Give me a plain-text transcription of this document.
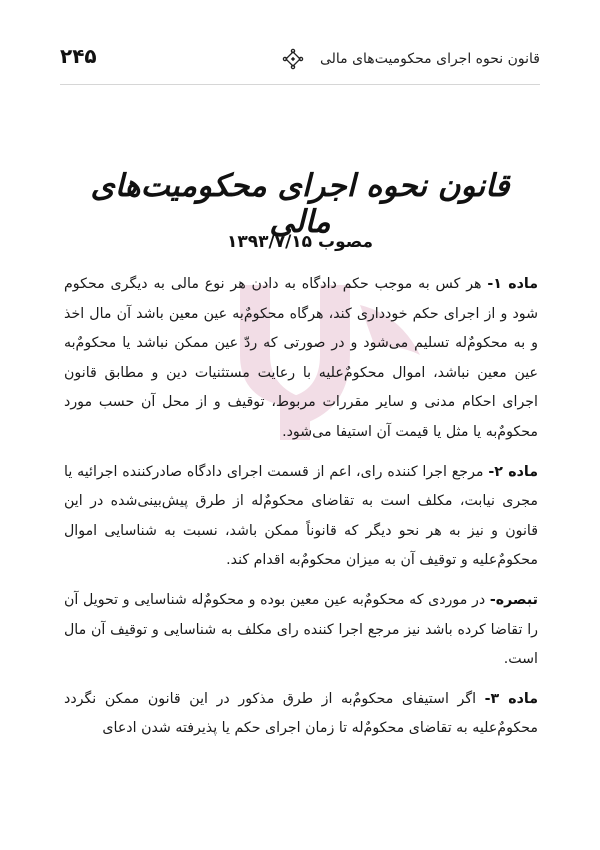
قانون نحوه اجرای محکومیت‌های مالی
۲۴۵
قانون نحوه اجرای محکومیت‌های مالی
مصوب ۱۳۹۳/۷/۱۵

ماده ۱- هر کس به موجب حکم دادگاه به دادن هر نوع مالی به دیگری محکوم شود و از اجرای حکم خودداری کند، هرگاه محکومٌ‌به عین معین باشد آن مال اخذ و به محکومٌ‌له تسلیم می‌شود و در صورتی که ردّ عین ممکن نباشد یا محکومٌ‌به عین معین نباشد، اموال محکومٌ‌علیه با رعایت مستثنیات دین و مطابق قانون اجرای احکام مدنی و سایر مقررات مربوط، توقیف و از محل آن حسب مورد محکومٌ‌به یا مثل یا قیمت آن استیفا می‌شود.

ماده ۲- مرجع اجرا کننده رای، اعم از قسمت اجرای دادگاه صادرکننده اجرائیه یا مجری نیابت، مکلف است به تقاضای محکومٌ‌له از طرق پیش‌بینی‌شده در این قانون و نیز به هر نحو دیگر که قانوناً ممکن باشد، نسبت به شناسایی اموال محکومٌ‌علیه و توقیف آن به میزان محکومٌ‌به اقدام کند.

تبصره- در موردی که محکومٌ‌به عین معین بوده و محکومٌ‌له شناسایی و تحویل آن را تقاضا کرده باشد نیز مرجع اجرا کننده رای مکلف به شناسایی و توقیف آن مال است.

ماده ۳- اگر استیفای محکومٌ‌به از طرق مذکور در این قانون ممکن نگردد محکومٌ‌علیه به تقاضای محکومٌ‌له تا زمان اجرای حکم یا پذیرفته شدن ادعای
